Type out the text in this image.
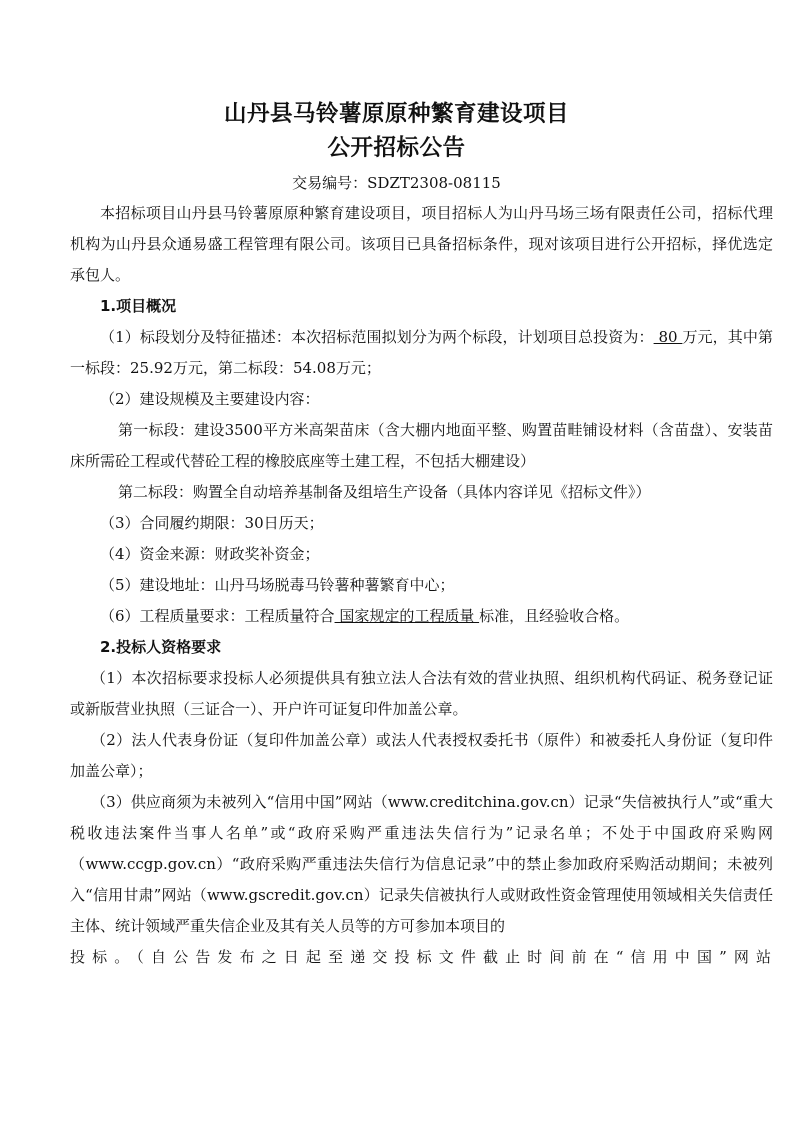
山丹县马铃薯原原种繁育建设项目
公开招标公告
交易编号：SDZT2308-08115

本招标项目山丹县马铃薯原原种繁育建设项目，项目招标人为山丹马场三场有限责任公司，招标代理机构为山丹县众通易盛工程管理有限公司。该项目已具备招标条件，现对该项目进行公开招标，择优选定承包人。

1.项目概况

（1）标段划分及特征描述：本次招标范围拟划分为两个标段，计划项目总投资为： 80 万元，其中第一标段：25.92万元，第二标段：54.08万元；

（2）建设规模及主要建设内容：

第一标段：建设3500平方米高架苗床（含大棚内地面平整、购置苗畦铺设材料（含苗盘）、安装苗床所需砼工程或代替砼工程的橡胶底座等土建工程，不包括大棚建设）

第二标段：购置全自动培养基制备及组培生产设备（具体内容详见《招标文件》）

（3）合同履约期限：30日历天；

（4）资金来源：财政奖补资金；

（5）建设地址：山丹马场脱毒马铃薯种薯繁育中心；

（6）工程质量要求：工程质量符合 国家规定的工程质量 标准，且经验收合格。

2.投标人资格要求

（1）本次招标要求投标人必须提供具有独立法人合法有效的营业执照、组织机构代码证、税务登记证或新版营业执照（三证合一）、开户许可证复印件加盖公章。

（2）法人代表身份证（复印件加盖公章）或法人代表授权委托书（原件）和被委托人身份证（复印件加盖公章）；

（3）供应商须为未被列入“信用中国”网站（www.creditchina.gov.cn）记录“失信被执行人”或“重大税收违法案件当事人名单”或“政府采购严重违法失信行为”记录名单；不处于中国政府采购网（www.ccgp.gov.cn）“政府采购严重违法失信行为信息记录”中的禁止参加政府采购活动期间；未被列入“信用甘肃”网站（www.gscredit.gov.cn）记录失信被执行人或财政性资金管理使用领域相关失信责任主体、统计领域严重失信企业及其有关人员等的方可参加本项目的

投标。（自公告发布之日起至递交投标文件截止时间前在“信用中国”网站
